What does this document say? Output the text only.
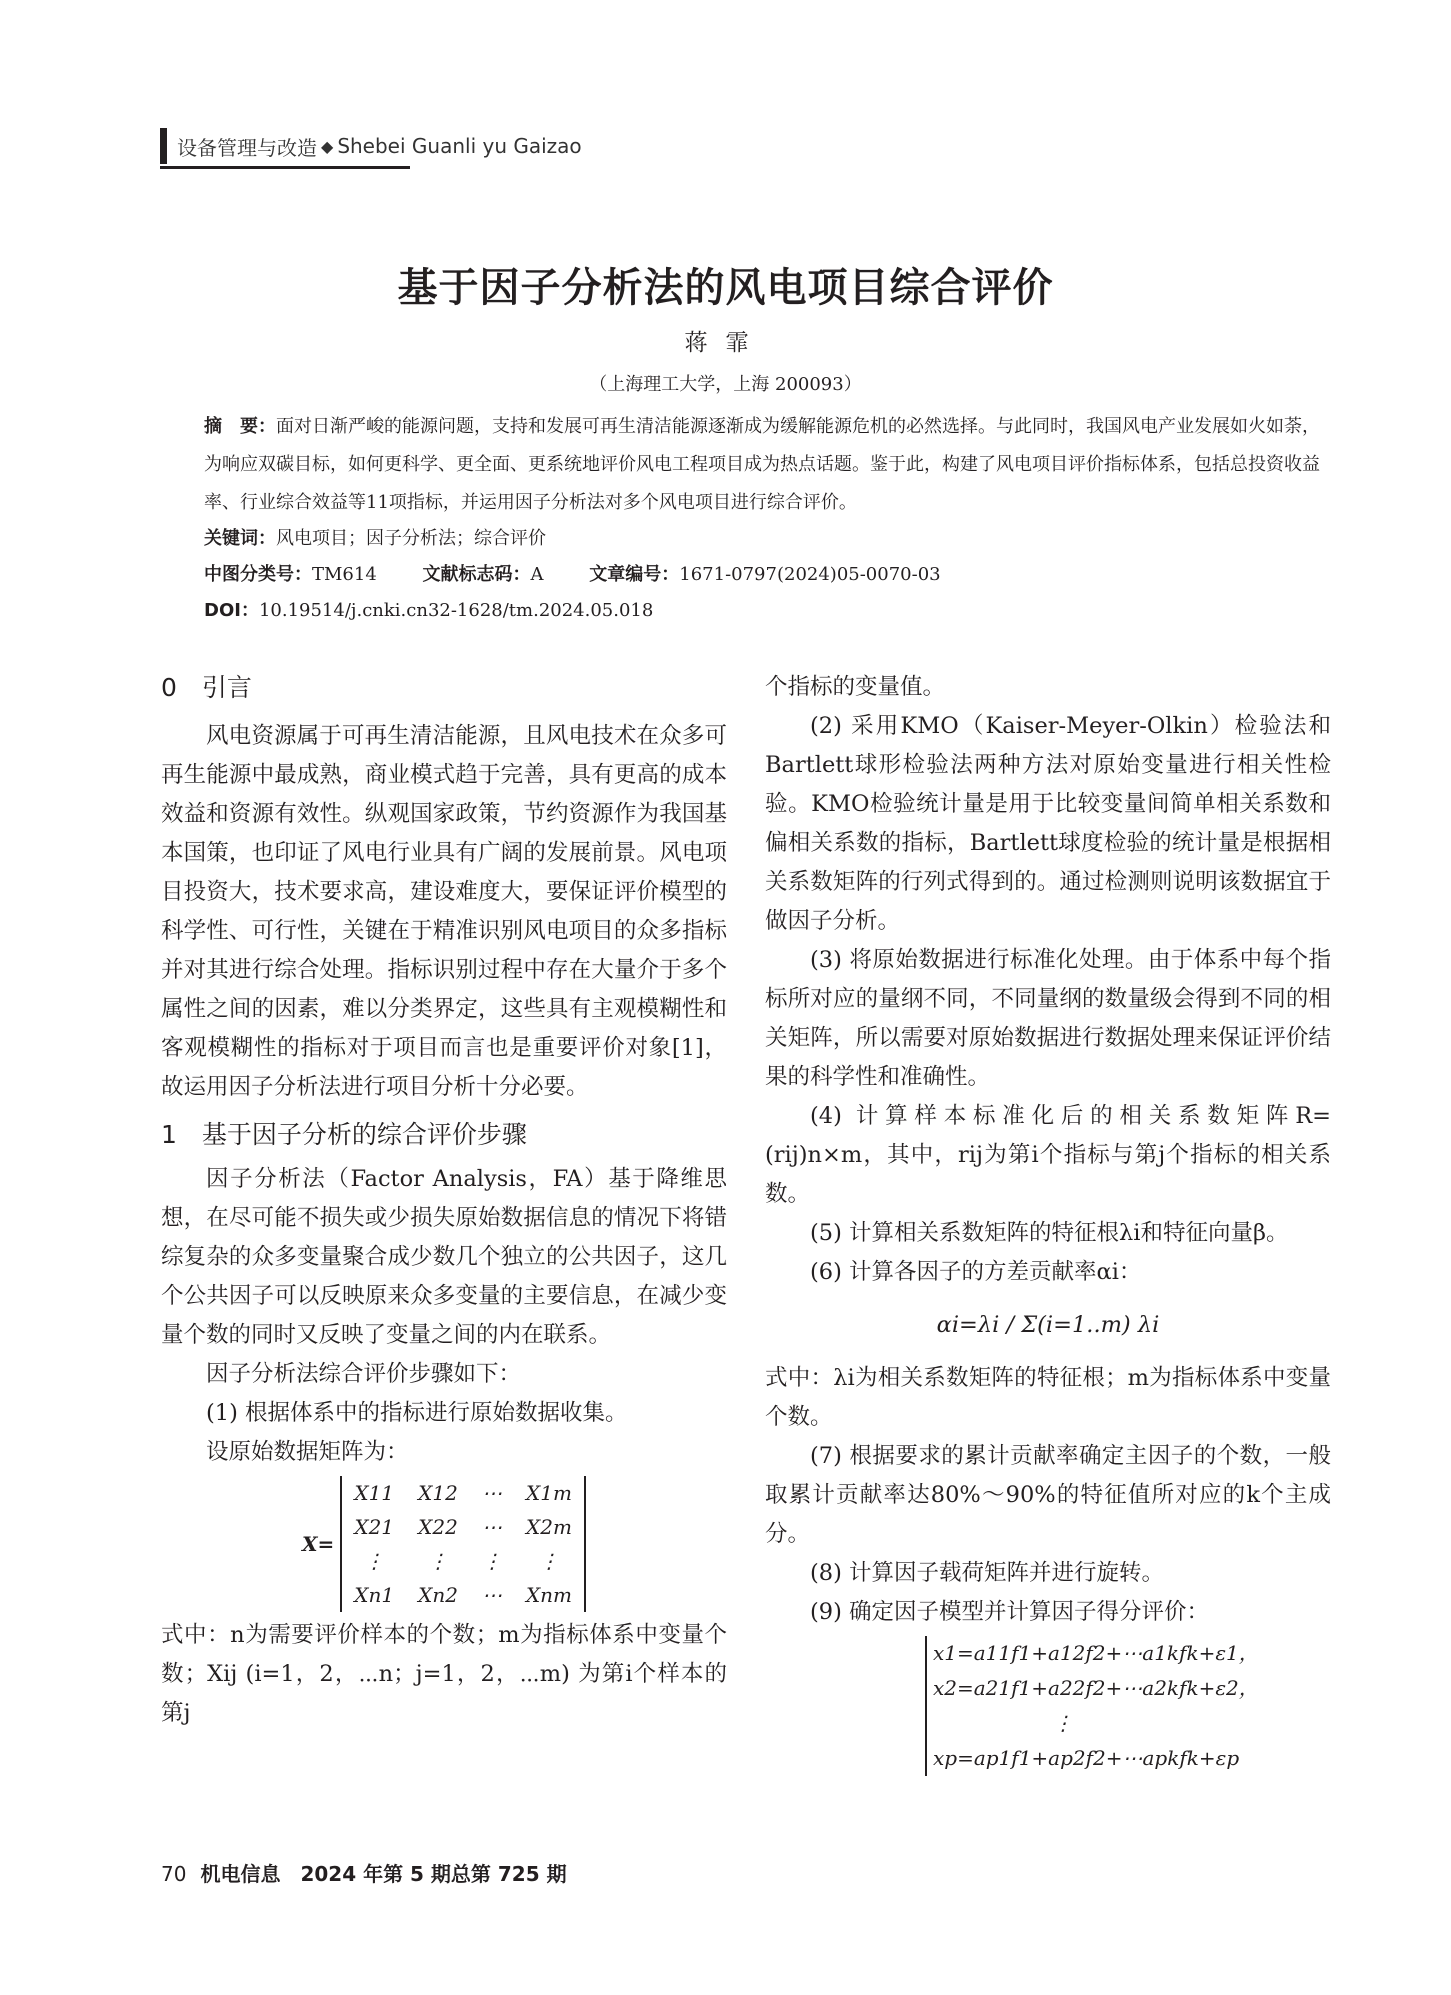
设备管理与改造 ◆ Shebei Guanli yu Gaizao
基于因子分析法的风电项目综合评价
蒋霏
（上海理工大学，上海 200093）
摘　要：面对日渐严峻的能源问题，支持和发展可再生清洁能源逐渐成为缓解能源危机的必然选择。与此同时，我国风电产业发展如火如荼，为响应双碳目标，如何更科学、更全面、更系统地评价风电工程项目成为热点话题。鉴于此，构建了风电项目评价指标体系，包括总投资收益率、行业综合效益等11项指标，并运用因子分析法对多个风电项目进行综合评价。
关键词：风电项目；因子分析法；综合评价
中图分类号：TM614	文献标志码：A	文章编号：1671-0797(2024)05-0070-03
DOI：10.19514/j.cnki.cn32-1628/tm.2024.05.018

0　引言

风电资源属于可再生清洁能源，且风电技术在众多可再生能源中最成熟，商业模式趋于完善，具有更高的成本效益和资源有效性。纵观国家政策，节约资源作为我国基本国策，也印证了风电行业具有广阔的发展前景。风电项目投资大，技术要求高，建设难度大，要保证评价模型的科学性、可行性，关键在于精准识别风电项目的众多指标并对其进行综合处理。指标识别过程中存在大量介于多个属性之间的因素，难以分类界定，这些具有主观模糊性和客观模糊性的指标对于项目而言也是重要评价对象[1]，故运用因子分析法进行项目分析十分必要。

1　基于因子分析的综合评价步骤

因子分析法（Factor Analysis，FA）基于降维思想，在尽可能不损失或少损失原始数据信息的情况下将错综复杂的众多变量聚合成少数几个独立的公共因子，这几个公共因子可以反映原来众多变量的主要信息，在减少变量个数的同时又反映了变量之间的内在联系。

因子分析法综合评价步骤如下：

(1) 根据体系中的指标进行原始数据收集。

设原始数据矩阵为：

X=
X11	X12	⋯	X1m
X21	X22	⋯	X2m
⋮	⋮	⋮	⋮
Xn1	Xn2	⋯	Xnm

式中：n为需要评价样本的个数；m为指标体系中变量个数；Xij (i=1，2，⋯n；j=1，2，⋯m) 为第i个样本的第j

个指标的变量值。

(2) 采用KMO（Kaiser-Meyer-Olkin）检验法和Bartlett球形检验法两种方法对原始变量进行相关性检验。KMO检验统计量是用于比较变量间简单相关系数和偏相关系数的指标，Bartlett球度检验的统计量是根据相关系数矩阵的行列式得到的。通过检测则说明该数据宜于做因子分析。

(3) 将原始数据进行标准化处理。由于体系中每个指标所对应的量纲不同，不同量纲的数量级会得到不同的相关矩阵，所以需要对原始数据进行数据处理来保证评价结果的科学性和准确性。

(4) 计算样本标准化后的相关系数矩阵R=(rij)n×m，其中，rij为第i个指标与第j个指标的相关系数。

(5) 计算相关系数矩阵的特征根λi和特征向量β。

(6) 计算各因子的方差贡献率αi：

αi=λi / Σ(i=1..m) λi

式中：λi为相关系数矩阵的特征根；m为指标体系中变量个数。

(7) 根据要求的累计贡献率确定主因子的个数，一般取累计贡献率达80%～90%的特征值所对应的k个主成分。

(8) 计算因子载荷矩阵并进行旋转。

(9) 确定因子模型并计算因子得分评价：

x1=a11f1+a12f2+⋯a1kfk+ε1，
x2=a21f1+a22f2+⋯a2kfk+ε2，
⋮
xp=ap1f1+ap2f2+⋯apkfk+εp
70 机电信息　2024 年第 5 期总第 725 期
